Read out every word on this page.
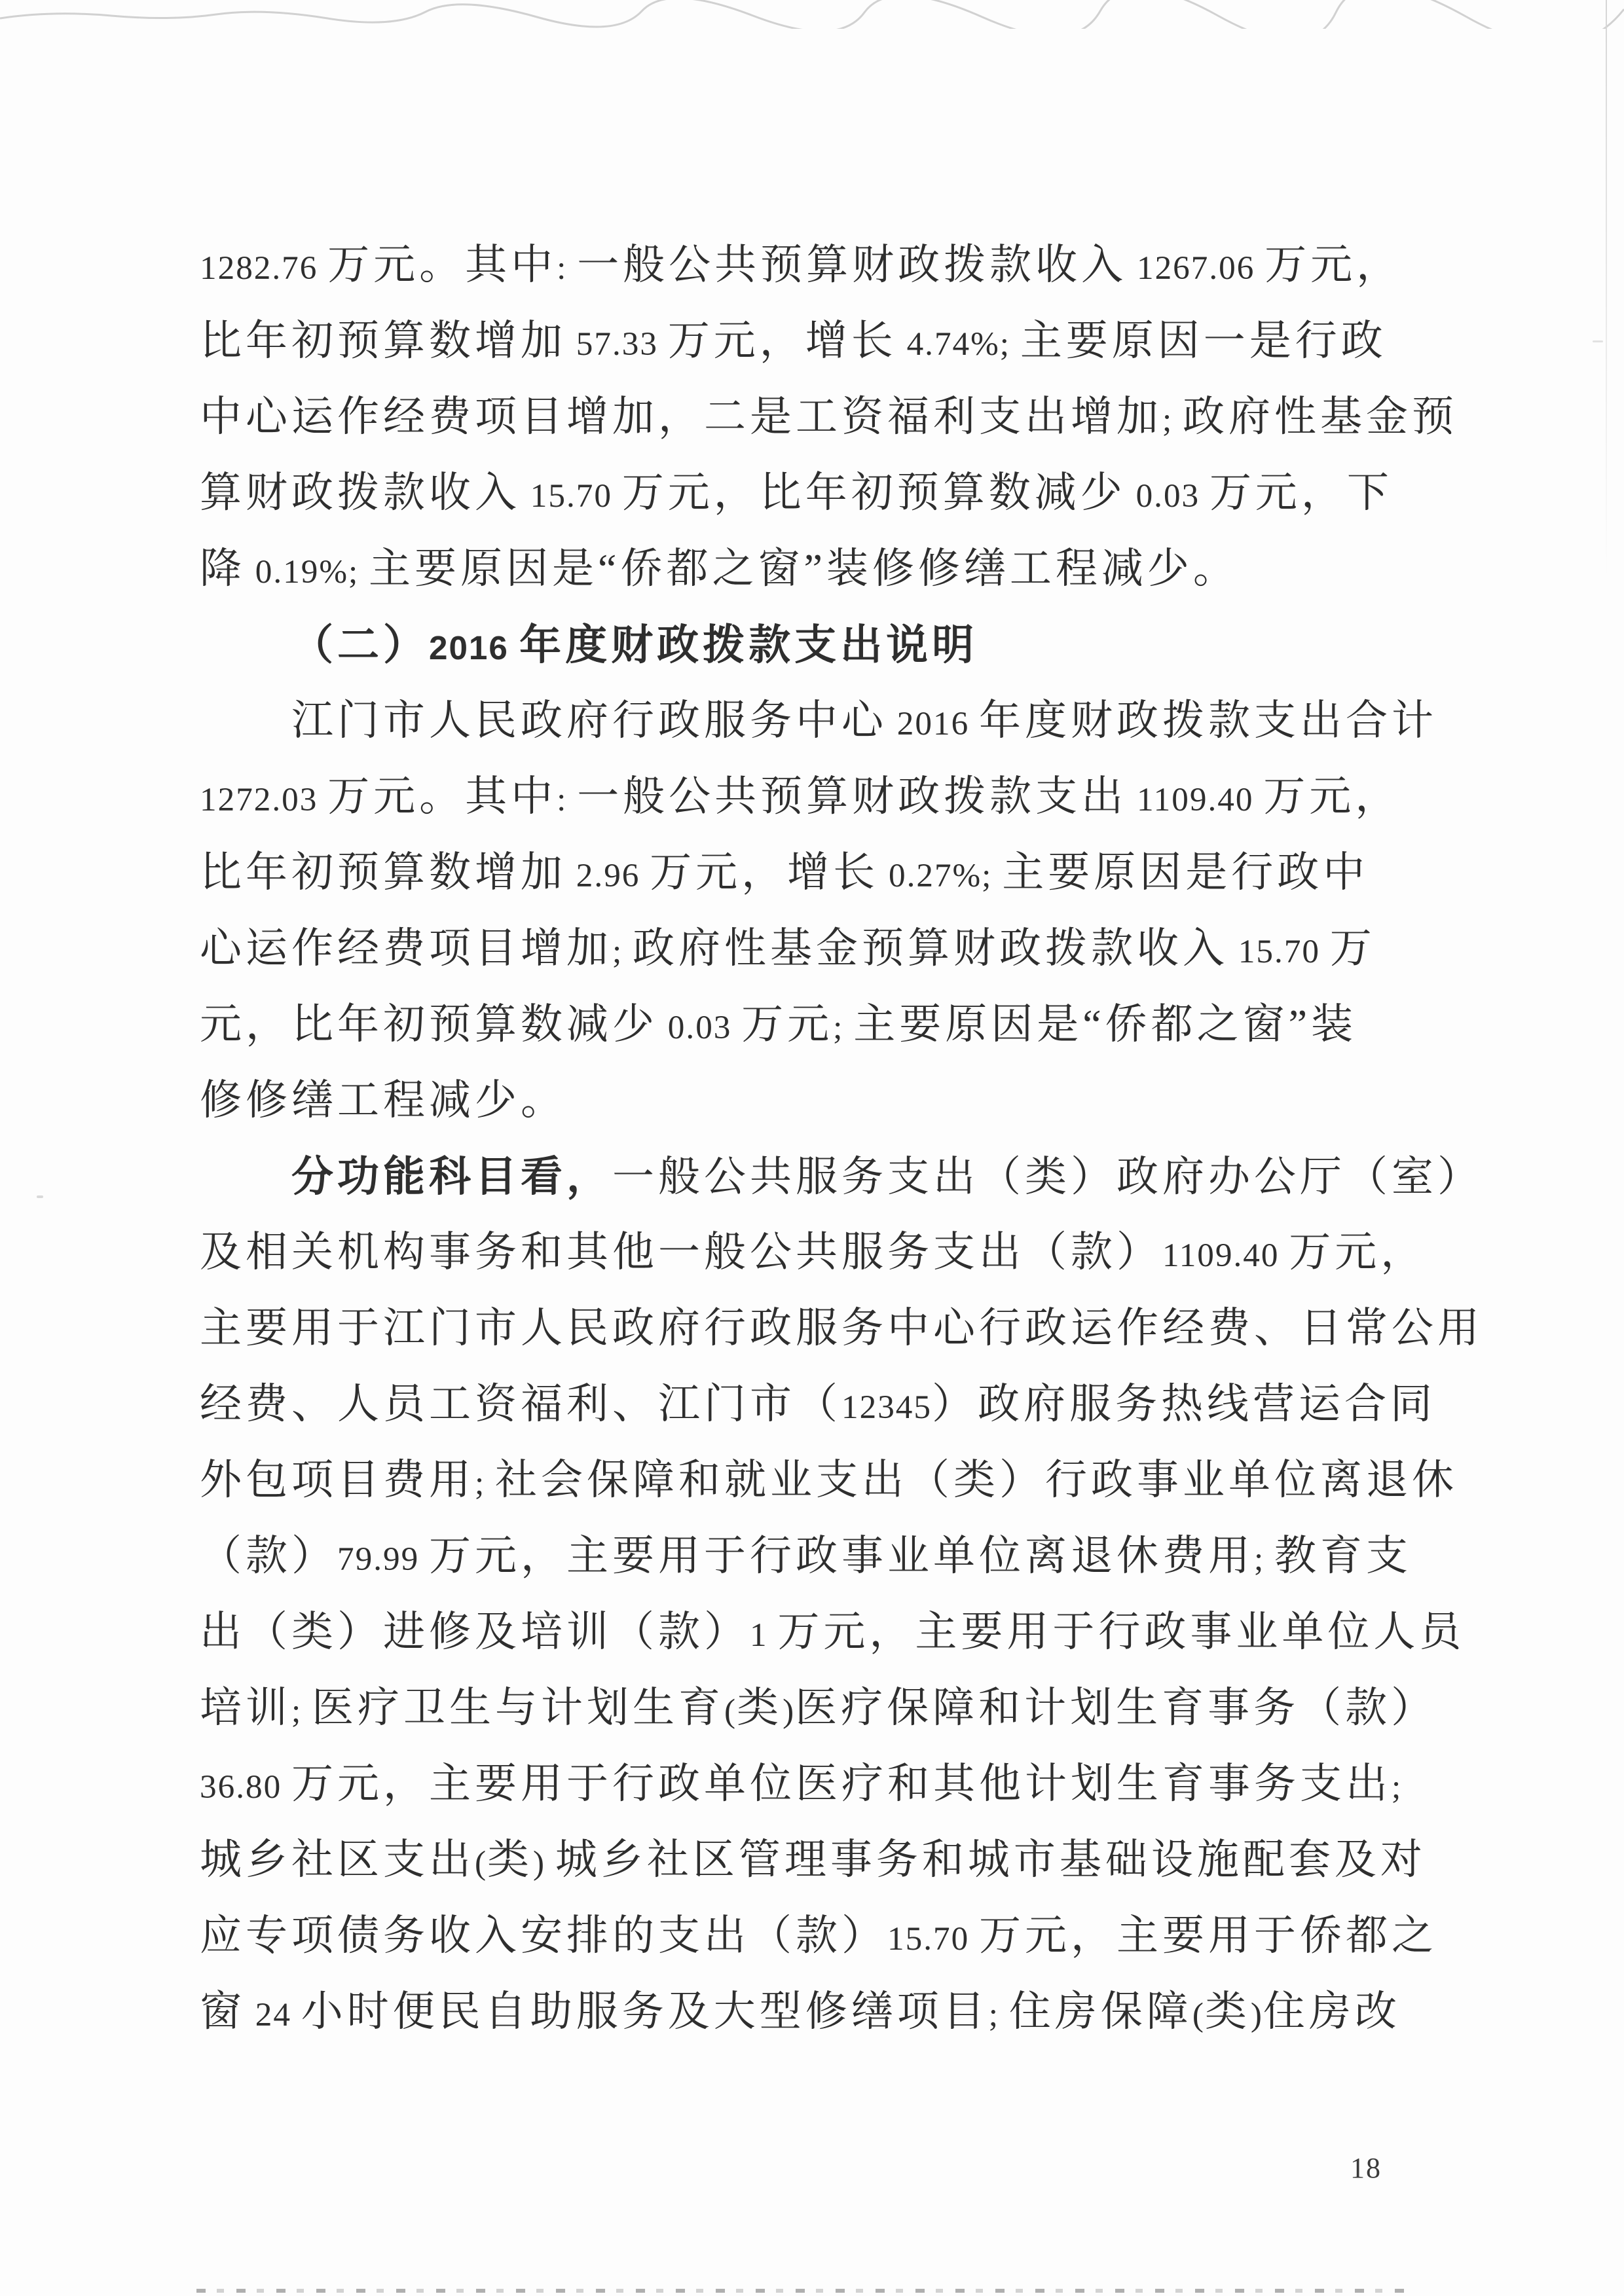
1282.76 万元。其中: 一般公共预算财政拨款收入 1267.06 万元，
比年初预算数增加 57.33 万元，增长 4.74%; 主要原因一是行政
中心运作经费项目增加，二是工资福利支出增加; 政府性基金预
算财政拨款收入 15.70 万元，比年初预算数减少 0.03 万元，下
降 0.19%; 主要原因是“侨都之窗”装修修缮工程减少。
（二）2016 年度财政拨款支出说明
江门市人民政府行政服务中心 2016 年度财政拨款支出合计
1272.03 万元。其中: 一般公共预算财政拨款支出 1109.40 万元，
比年初预算数增加 2.96 万元，增长 0.27%; 主要原因是行政中
心运作经费项目增加; 政府性基金预算财政拨款收入 15.70 万
元，比年初预算数减少 0.03 万元; 主要原因是“侨都之窗”装
修修缮工程减少。
分功能科目看，一般公共服务支出（类）政府办公厅（室）
及相关机构事务和其他一般公共服务支出（款）1109.40 万元，
主要用于江门市人民政府行政服务中心行政运作经费、日常公用
经费、人员工资福利、江门市（12345）政府服务热线营运合同
外包项目费用; 社会保障和就业支出（类）行政事业单位离退休
（款）79.99 万元，主要用于行政事业单位离退休费用; 教育支
出（类）进修及培训（款）1 万元，主要用于行政事业单位人员
培训; 医疗卫生与计划生育(类)医疗保障和计划生育事务（款）
36.80 万元，主要用于行政单位医疗和其他计划生育事务支出;
城乡社区支出(类) 城乡社区管理事务和城市基础设施配套及对
应专项债务收入安排的支出（款）15.70 万元，主要用于侨都之
窗 24 小时便民自助服务及大型修缮项目; 住房保障(类)住房改
18
